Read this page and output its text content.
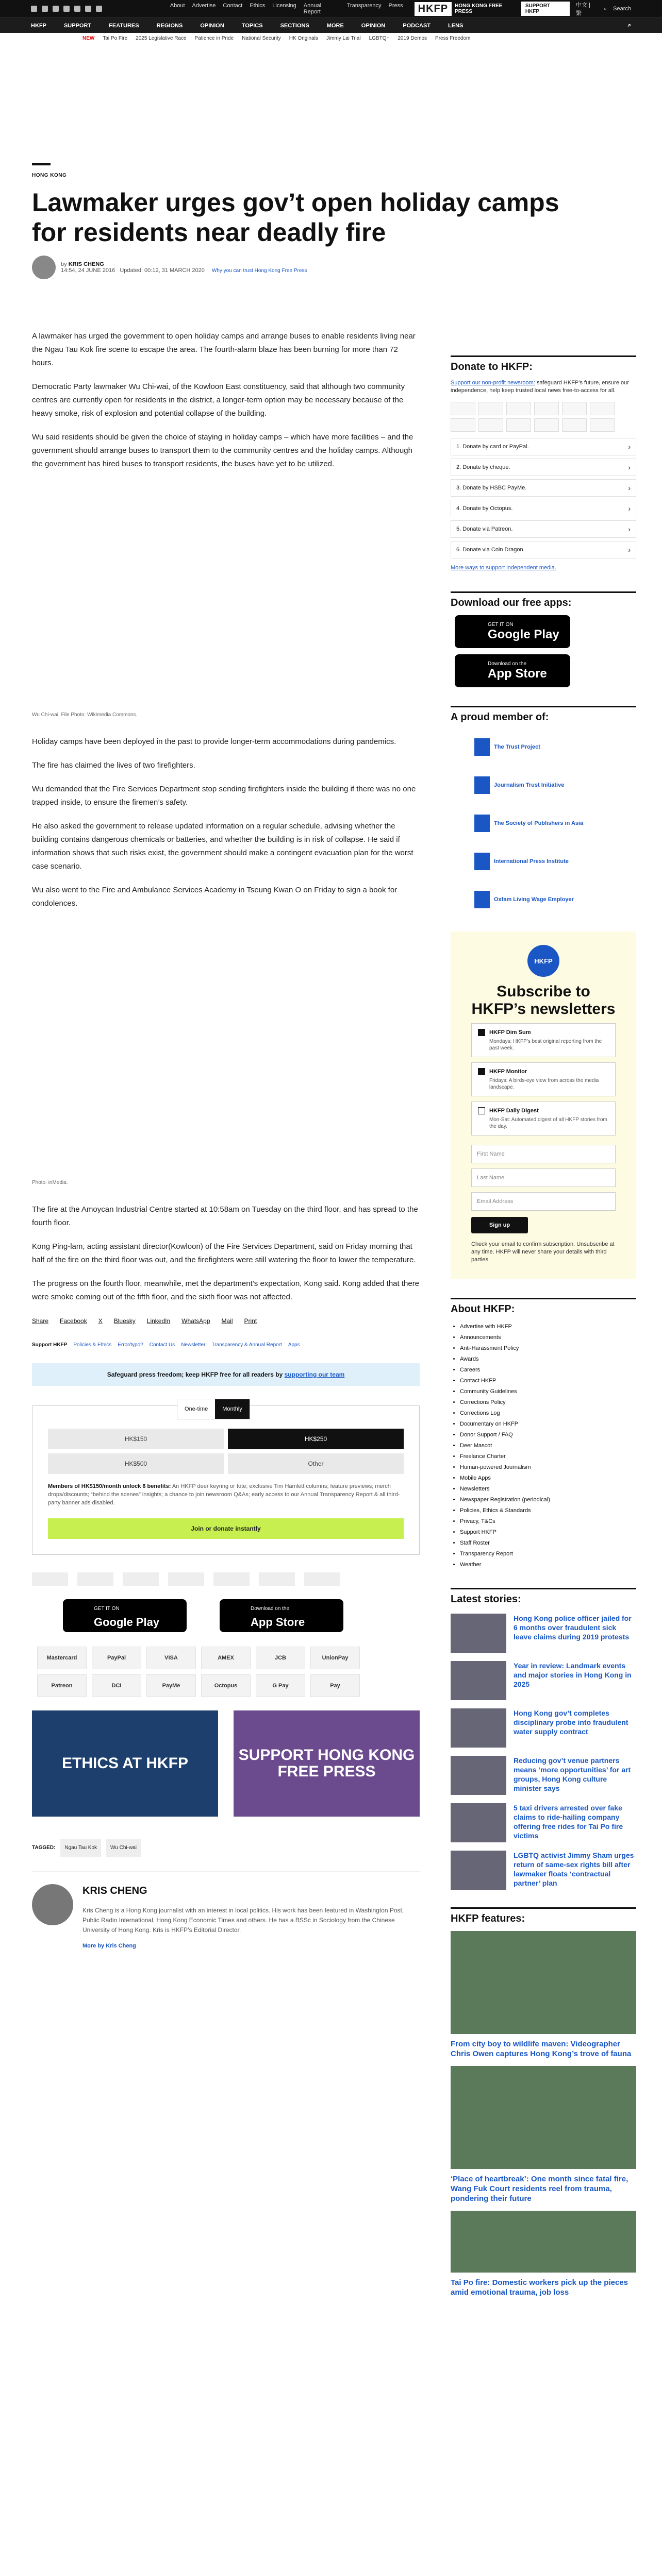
About Advertise Contact Ethics Licensing Annual Report
Transparency Press	HKFP	HONG KONG FREE PRESS
SUPPORT HKFP
中文 | 繁
⌕ Search
HKFP	SUPPORT	FEATURES	REGIONS	OPINION	TOPICS	SECTIONS	MORE	OPINION	PODCAST	LENS	⌕
NEW Tai Po Fire 2025 Legislative Race Patience in Pride National Security HK Originals Jimmy Lai Trial LGBTQ+ 2019 Demos Press Freedom
HONG KONG
Lawmaker urges gov’t open holiday camps for residents near deadly fire
by KRIS CHENG
14:54, 24 JUNE 2016 Updated: 00:12, 31 MARCH 2020 Why you can trust Hong Kong Free Press

A lawmaker has urged the government to open holiday camps and arrange buses to enable residents living near the Ngau Tau Kok fire scene to escape the area. The fourth-alarm blaze has been burning for more than 72 hours.

Democratic Party lawmaker Wu Chi-wai, of the Kowloon East constituency, said that although two community centres are currently open for residents in the district, a longer-term option may be necessary because of the heavy smoke, risk of explosion and potential collapse of the building.

Wu said residents should be given the choice of staying in holiday camps – which have more facilities – and the government should arrange buses to transport them to the community centres and the holiday camps. Although the government has hired buses to transport residents, the buses have yet to be utilized.

Wu Chi-wai. File Photo: Wikimedia Commons.

Holiday camps have been deployed in the past to provide longer-term accommodations during pandemics.

The fire has claimed the lives of two firefighters.

Wu demanded that the Fire Services Department stop sending firefighters inside the building if there was no one trapped inside, to ensure the firemen’s safety.

He also asked the government to release updated information on a regular schedule, advising whether the building contains dangerous chemicals or batteries, and whether the building is in risk of collapse. He said if information shows that such risks exist, the government should make a contingent evacuation plan for the worst case scenario.

Wu also went to the Fire and Ambulance Services Academy in Tseung Kwan O on Friday to sign a book for condolences.

Photo: inMedia.

The fire at the Amoycan Industrial Centre started at 10:58am on Tuesday on the third floor, and has spread to the fourth floor.

Kong Ping-lam, acting assistant director(Kowloon) of the Fire Services Department, said on Friday morning that half of the fire on the third floor was out, and the firefighters were still watering the floor to lower the temperature.

The progress on the fourth floor, meanwhile, met the department’s expectation, Kong said. Kong added that there were smoke coming out of the fifth floor, and the sixth floor was not affected.

Share Facebook X Bluesky LinkedIn WhatsApp Mail Print
Support HKFP Policies & Ethics Error/typo? Contact Us Newsletter Transparency & Annual Report Apps
Safeguard press freedom; keep HKFP free for all readers by supporting our team
One-time	Monthly
HK$150	HK$250
HK$500	Other
Members of HK$150/month unlock 6 benefits: An HKFP deer keyring or tote; exclusive Tim Hamlett columns; feature previews; merch drops/discounts; “behind the scenes” insights; a chance to join newsroom Q&As; early access to our Annual Transparency Report & all third-party banner ads disabled.
Join or donate instantly
GET IT ON
Google Play
Download on the
App Store
Mastercard	PayPal	VISA	AMEX	JCB	UnionPay
Patreon	DCI	PayMe	Octopus	G Pay	Pay
ETHICS AT HKFP	SUPPORT HONG KONG FREE PRESS
TAGGED:	Ngau Tau Kok	Wu Chi-wai
KRIS CHENG
Kris Cheng is a Hong Kong journalist with an interest in local politics. His work has been featured in Washington Post, Public Radio International, Hong Kong Economic Times and others. He has a BSSc in Sociology from the Chinese University of Hong Kong. Kris is HKFP’s Editorial Director.
More by Kris Cheng
Donate to HKFP:
Support our non-profit newsroom: safeguard HKFP’s future, ensure our independence, help keep trusted local news free-to-access for all.
1. Donate by card or PayPal. ›
2. Donate by cheque. ›
3. Donate by HSBC PayMe. ›
4. Donate by Octopus. ›
5. Donate via Patreon. ›
6. Donate via Coin Dragon. ›
More ways to support independent media.
Download our free apps:
GET IT ON
Google Play
Download on the
App Store
A proud member of:
The Trust Project
Journalism Trust Initiative
The Society of Publishers in Asia
International Press Institute
Oxfam Living Wage Employer
HKFP
Subscribe to HKFP’s newsletters
HKFP Dim Sum

Mondays: HKFP’s best original reporting from the past week.

HKFP Monitor

Fridays: A birds-eye view from across the media landscape.

HKFP Daily Digest

Mon-Sat: Automated digest of all HKFP stories from the day.

First Name
Last Name
Email Address
Sign up
Check your email to confirm subscription. Unsubscribe at any time. HKFP will never share your details with third parties.
About HKFP:
• Advertise with HKFP
• Announcements
• Anti-Harassment Policy
• Awards
• Careers
• Contact HKFP
• Community Guidelines
• Corrections Policy
• Corrections Log
• Documentary on HKFP
• Donor Support / FAQ
• Deer Mascot
• Freelance Charter
• Human-powered Journalism
• Mobile Apps
• Newsletters
• Newspaper Registration (periodical)
• Policies, Ethics & Standards
• Privacy, T&Cs
• Support HKFP
• Staff Roster
• Transparency Report
• Weather
Latest stories:
Hong Kong police officer jailed for 6 months over fraudulent sick leave claims during 2019 protests
Year in review: Landmark events and major stories in Hong Kong in 2025
Hong Kong gov’t completes disciplinary probe into fraudulent water supply contract
Reducing gov’t venue partners means ‘more opportunities’ for art groups, Hong Kong culture minister says
5 taxi drivers arrested over fake claims to ride-hailing company offering free rides for Tai Po fire victims
LGBTQ activist Jimmy Sham urges return of same-sex rights bill after lawmaker floats ‘contractual partner’ plan
HKFP features:
From city boy to wildlife maven: Videographer Chris Owen captures Hong Kong’s trove of fauna
‘Place of heartbreak’: One month since fatal fire, Wang Fuk Court residents reel from trauma, pondering their future
Tai Po fire: Domestic workers pick up the pieces amid emotional trauma, job loss
